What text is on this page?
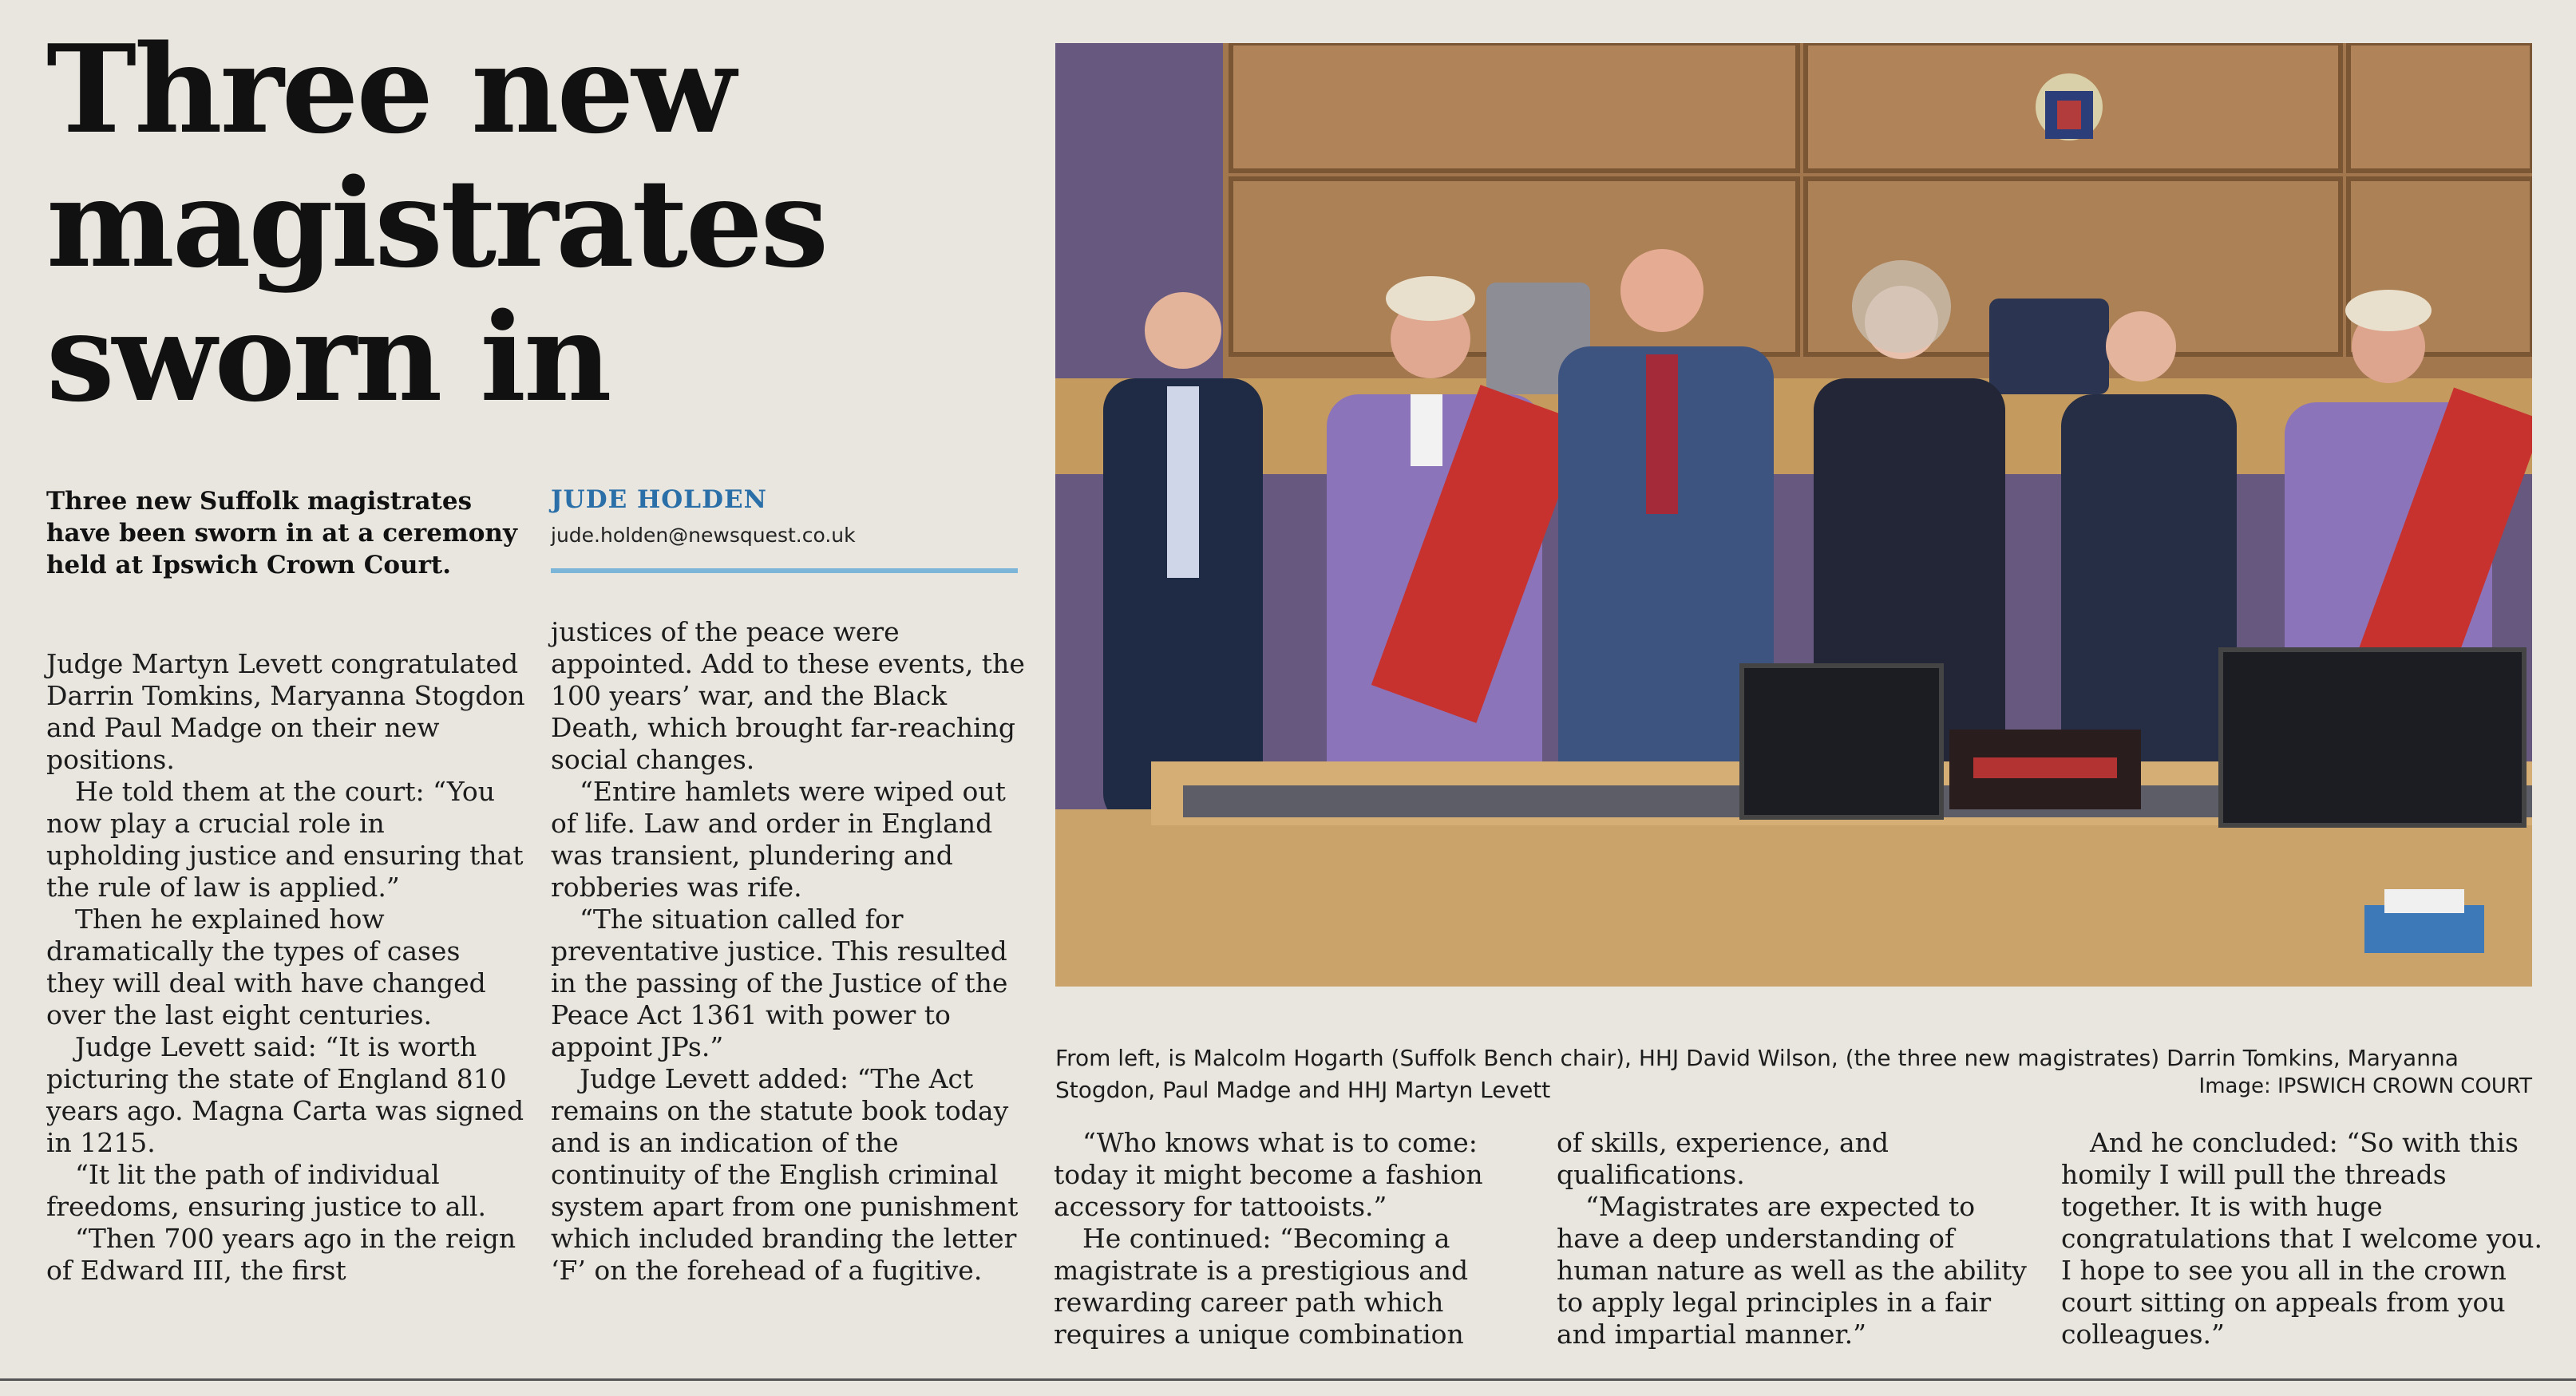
Three new
magistrates
sworn in
Three new Suffolk magistrates have been sworn in at a ceremony held at Ipswich Crown Court.
JUDE HOLDEN
jude.holden@newsquest.co.uk

Judge Martyn Levett congratulated Darrin Tomkins, Maryanna Stogdon and Paul Madge on their new positions.

He told them at the court: “You now play a crucial role in upholding justice and ensuring that the rule of law is applied.”

Then he explained how dramatically the types of cases they will deal with have changed over the last eight centuries.

Judge Levett said: “It is worth picturing the state of England 810 years ago. Magna Carta was signed in 1215.

“It lit the path of individual freedoms, ensuring justice to all.

“Then 700 years ago in the reign of Edward III, the first

justices of the peace were appointed. Add to these events, the 100 years’ war, and the Black Death, which brought far-reaching social changes.

“Entire hamlets were wiped out of life. Law and order in England was transient, plundering and robberies was rife.

“The situation called for preventative justice. This resulted in the passing of the Justice of the Peace Act 1361 with power to appoint JPs.”

Judge Levett added: “The Act remains on the statute book today and is an indication of the continuity of the English criminal system apart from one punishment which included branding the letter ‘F’ on the forehead of a fugitive.

From left, is Malcolm Hogarth (Suffolk Bench chair), HHJ David Wilson, (the three new magistrates) Darrin Tomkins, Maryanna Stogdon, Paul Madge and HHJ Martyn Levett	Image: IPSWICH CROWN COURT

“Who knows what is to come: today it might become a fashion accessory for tattooists.”

He continued: “Becoming a magistrate is a prestigious and rewarding career path which requires a unique combination

of skills, experience, and qualifications.

“Magistrates are expected to have a deep understanding of human nature as well as the ability to apply legal principles in a fair and impartial manner.”

And he concluded: “So with this homily I will pull the threads together. It is with huge congratulations that I welcome you. I hope to see you all in the crown court sitting on appeals from you colleagues.”
